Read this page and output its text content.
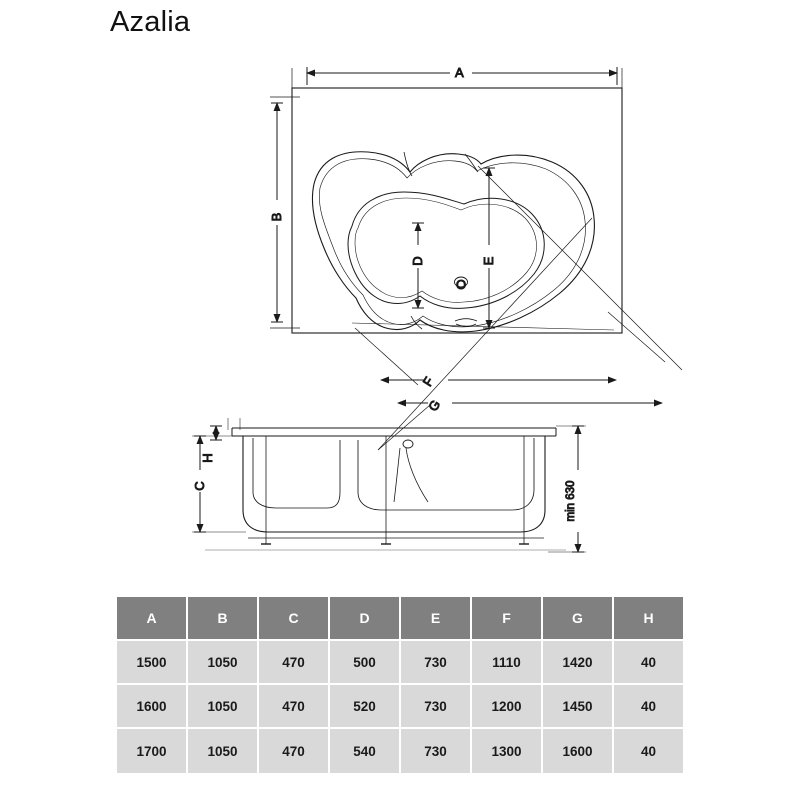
Azalia
A
B
O
D	E
F
G
C
H
min 630
A	B	C	D	E	F	G	H
1500	1050	470	500	730	1110	1420	40
1600	1050	470	520	730	1200	1450	40
1700	1050	470	540	730	1300	1600	40
